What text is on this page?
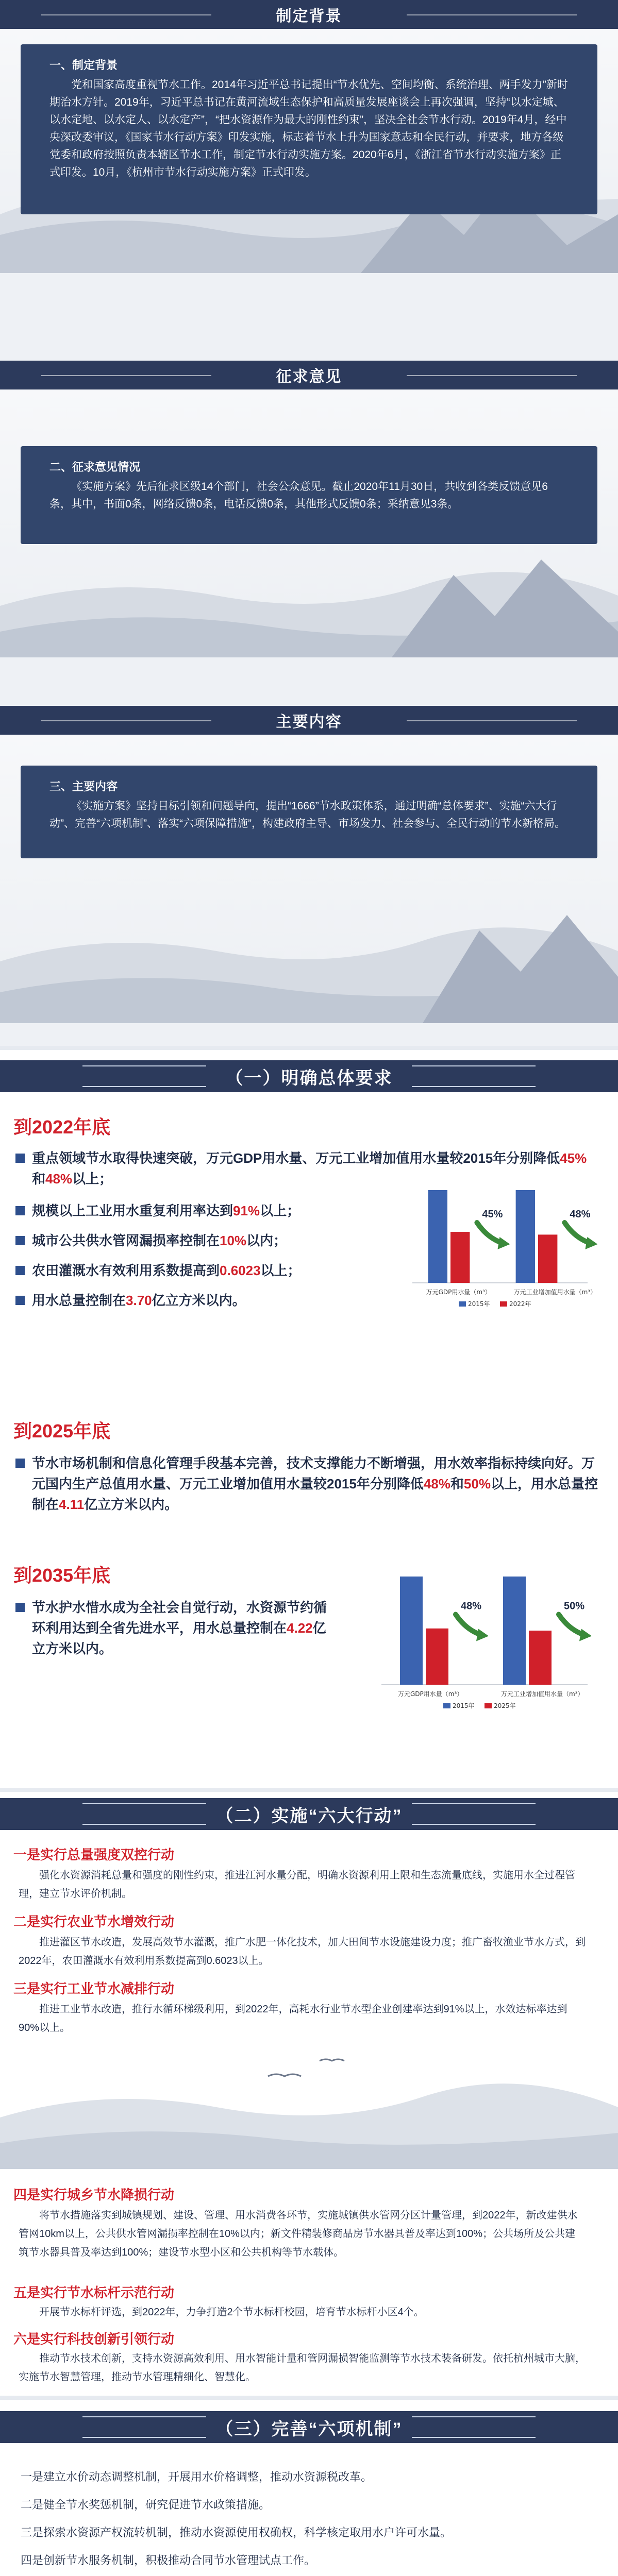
制定背景
一、制定背景

党和国家高度重视节水工作。2014年习近平总书记提出“节水优先、空间均衡、系统治理、两手发力”新时期治水方针。2019年，习近平总书记在黄河流域生态保护和高质量发展座谈会上再次强调，坚持“以水定城、以水定地、以水定人、以水定产”，“把水资源作为最大的刚性约束”，坚决全社会节水行动。2019年4月，经中央深改委审议，《国家节水行动方案》印发实施，标志着节水上升为国家意志和全民行动，并要求，地方各级党委和政府按照负责本辖区节水工作，制定节水行动实施方案。2020年6月，《浙江省节水行动实施方案》正式印发。10月，《杭州市节水行动实施方案》正式印发。

征求意见
二、征求意见情况

《实施方案》先后征求区级14个部门，社会公众意见。截止2020年11月30日，共收到各类反馈意见6条，其中，书面0条，网络反馈0条，电话反馈0条，其他形式反馈0条；采纳意见3条。

主要内容
三、主要内容

《实施方案》坚持目标引领和问题导向，提出“1666”节水政策体系，通过明确“总体要求”、实施“六大行动”、完善“六项机制”、落实“六项保障措施”，构建政府主导、市场发力、社会参与、全民行动的节水新格局。

（一）明确总体要求
到2022年底
重点领域节水取得快速突破，万元GDP用水量、万元工业增加值用水量较2015年分别降低45%和48%以上；
规模以上工业用水重复利用率达到91%以上；
城市公共供水管网漏损率控制在10%以内；
农田灌溉水有效利用系数提高到0.6023以上；
用水总量控制在3.70亿立方米以内。
45%
万元GDP用水量（m³）
48%
万元工业增加值用水量（m³）
2015年	2022年
到2025年底
节水市场机制和信息化管理手段基本完善，技术支撑能力不断增强，用水效率指标持续向好。万元国内生产总值用水量、万元工业增加值用水量较2015年分别降低48%和50%以上，用水总量控制在4.11亿立方米以内。
到2035年底
节水护水惜水成为全社会自觉行动，水资源节约循环利用达到全省先进水平，用水总量控制在4.22亿立方米以内。
48%
万元GDP用水量（m³）
50%
万元工业增加值用水量（m³）
2015年	2025年
（二）实施“六大行动”
一是实行总量强度双控行动
强化水资源消耗总量和强度的刚性约束，推进江河水量分配，明确水资源利用上限和生态流量底线，实施用水全过程管理，建立节水评价机制。
二是实行农业节水增效行动
推进灌区节水改造，发展高效节水灌溉，推广水肥一体化技术，加大田间节水设施建设力度；推广畜牧渔业节水方式，到2022年，农田灌溉水有效利用系数提高到0.6023以上。
三是实行工业节水减排行动
推进工业节水改造，推行水循环梯级利用，到2022年，高耗水行业节水型企业创建率达到91%以上，水效达标率达到90%以上。
四是实行城乡节水降损行动
将节水措施落实到城镇规划、建设、管理、用水消费各环节，实施城镇供水管网分区计量管理，到2022年，新改建供水管网10km以上，公共供水管网漏损率控制在10%以内；新文件精装修商品房节水器具普及率达到100%；公共场所及公共建筑节水器具普及率达到100%；建设节水型小区和公共机构等节水载体。
五是实行节水标杆示范行动
开展节水标杆评选，到2022年，力争打造2个节水标杆校园，培育节水标杆小区4个。
六是实行科技创新引领行动
推动节水技术创新，支持水资源高效利用、用水智能计量和管网漏损智能监测等节水技术装备研发。依托杭州城市大脑，实施节水智慧管理，推动节水管理精细化、智慧化。
（三）完善“六项机制”

一是建立水价动态调整机制，开展用水价格调整，推动水资源税改革。

二是健全节水奖惩机制，研究促进节水政策措施。

三是探索水资源产权流转机制，推动水资源使用权确权，科学核定取用水户许可水量。

四是创新节水服务机制，积极推动合同节水管理试点工作。
